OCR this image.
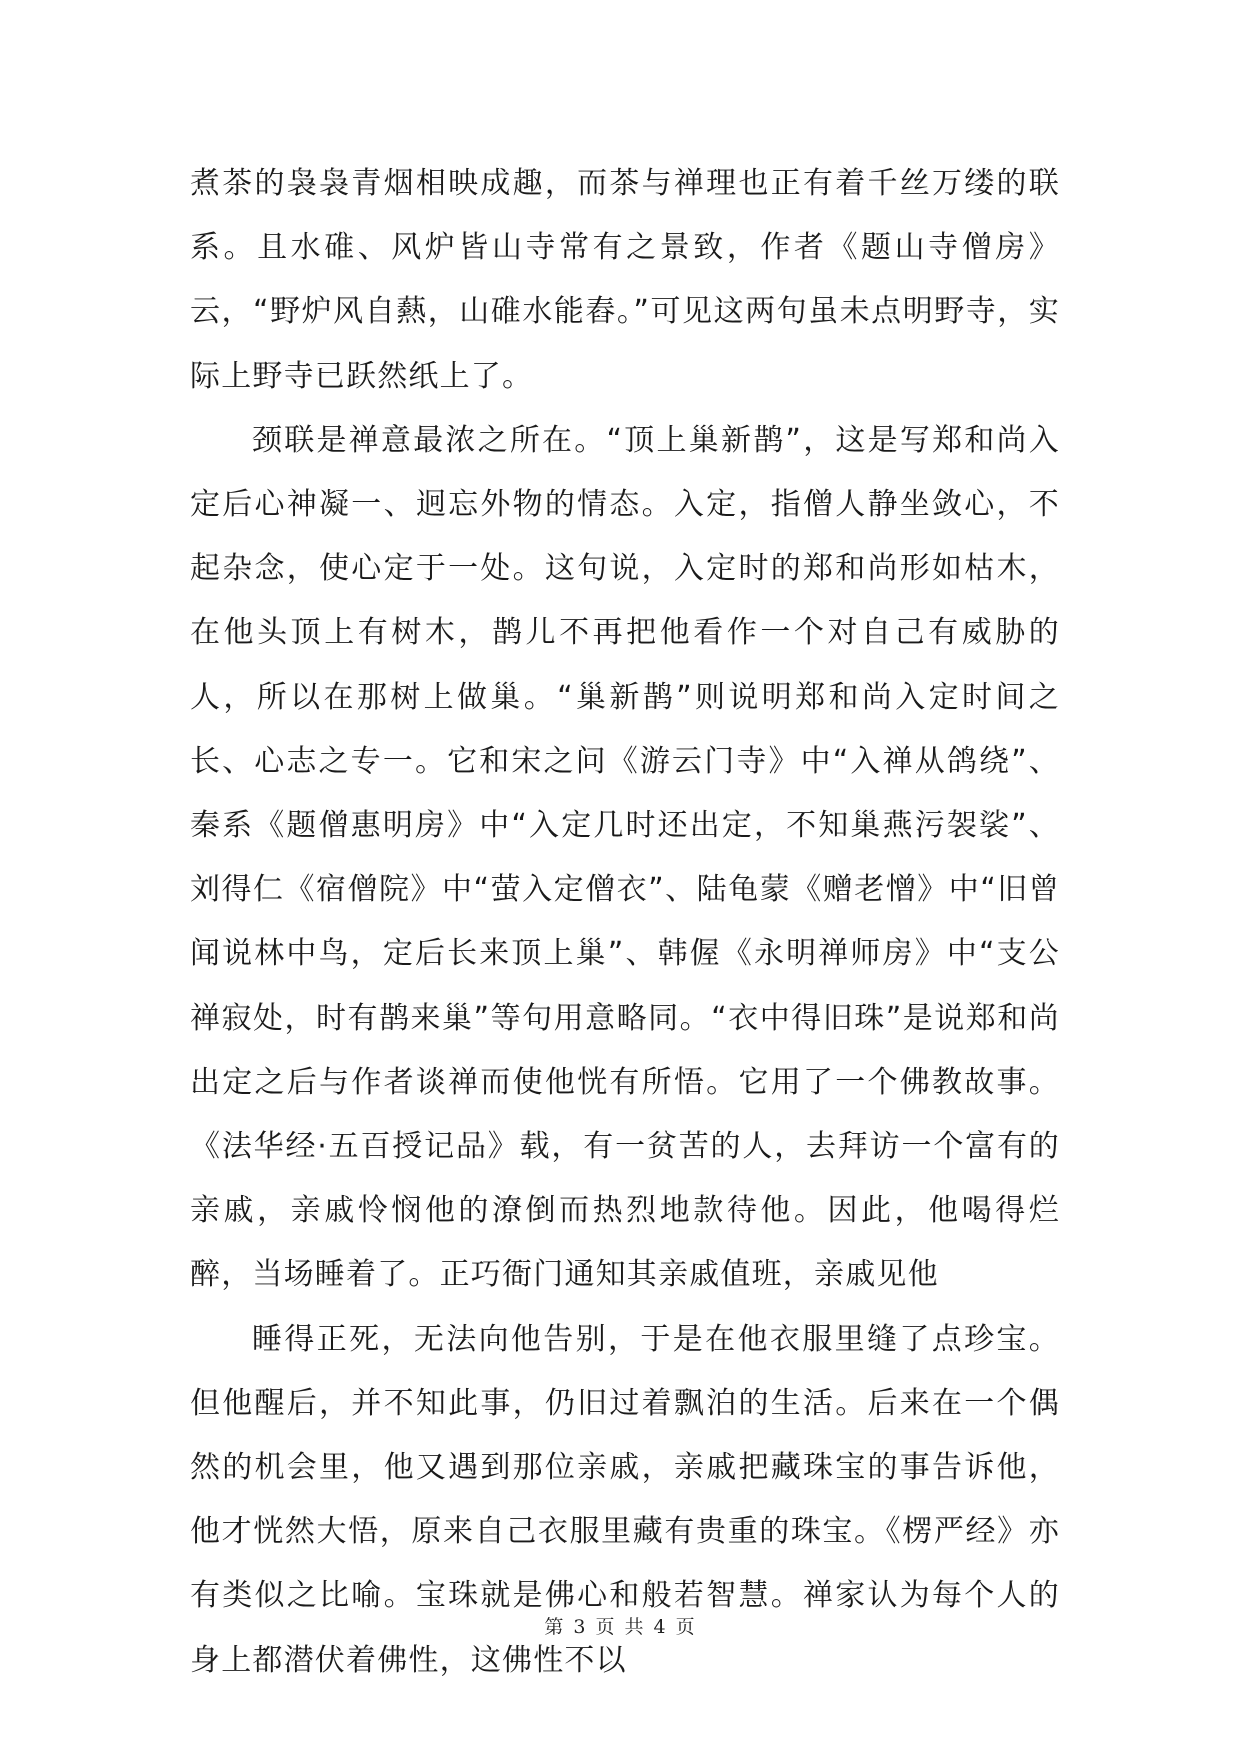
煮茶的袅袅青烟相映成趣，而茶与禅理也正有着千丝万缕的联系。且水碓、风炉皆山寺常有之景致，作者《题山寺僧房》云，“野炉风自爇，山碓水能舂。”可见这两句虽未点明野寺，实际上野寺已跃然纸上了。

颈联是禅意最浓之所在。“顶上巢新鹊”，这是写郑和尚入定后心神凝一、迥忘外物的情态。入定，指僧人静坐敛心，不起杂念，使心定于一处。这句说，入定时的郑和尚形如枯木，在他头顶上有树木，鹊儿不再把他看作一个对自己有威胁的人，所以在那树上做巢。“巢新鹊”则说明郑和尚入定时间之长、心志之专一。它和宋之问《游云门寺》中“入禅从鸽绕”、秦系《题僧惠明房》中“入定几时还出定，不知巢燕污袈裟”、刘得仁《宿僧院》中“萤入定僧衣”、陆龟蒙《赠老憎》中“旧曾闻说林中鸟，定后长来顶上巢”、韩偓《永明禅师房》中“支公禅寂处，时有鹊来巢”等句用意略同。“衣中得旧珠”是说郑和尚出定之后与作者谈禅而使他恍有所悟。它用了一个佛教故事。《法华经·五百授记品》载，有一贫苦的人，去拜访一个富有的亲戚，亲戚怜悯他的潦倒而热烈地款待他。因此，他喝得烂醉，当场睡着了。正巧衙门通知其亲戚值班，亲戚见他

睡得正死，无法向他告别，于是在他衣服里缝了点珍宝。但他醒后，并不知此事，仍旧过着飘泊的生活。后来在一个偶然的机会里，他又遇到那位亲戚，亲戚把藏珠宝的事告诉他，他才恍然大悟，原来自己衣服里藏有贵重的珠宝。《楞严经》亦有类似之比喻。宝珠就是佛心和般若智慧。禅家认为每个人的身上都潜伏着佛性，这佛性不以

第 3 页 共 4 页
